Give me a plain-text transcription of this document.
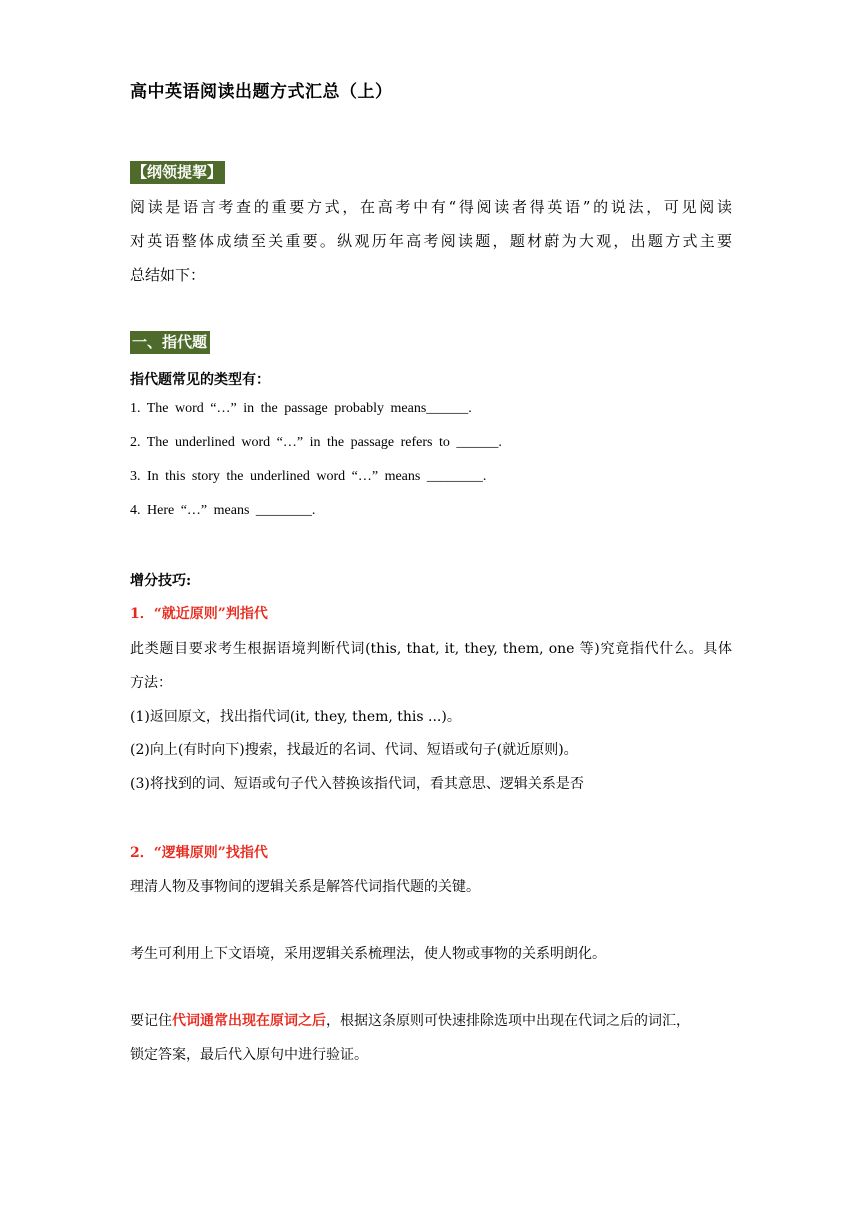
高中英语阅读出题方式汇总（上）
【纲领提挈】
阅读是语言考查的重要方式，在高考中有“得阅读者得英语”的说法，可见阅读
对英语整体成绩至关重要。纵观历年高考阅读题，题材蔚为大观，出题方式主要
总结如下：
一、指代题
指代题常见的类型有：
1. The word “…” in the passage probably means______.
2. The underlined word “…” in the passage refers to ______.
3. In this story the underlined word “…” means ________.
4. Here “…” means ________.
增分技巧:
1．“就近原则”判指代
此类题目要求考生根据语境判断代词(this, that, it, they, them, one 等)究竟指代什么。具体
方法：
(1)返回原文，找出指代词(it, they, them, this ...)。
(2)向上(有时向下)搜索，找最近的名词、代词、短语或句子(就近原则)。
(3)将找到的词、短语或句子代入替换该指代词，看其意思、逻辑关系是否
2．“逻辑原则”找指代
理清人物及事物间的逻辑关系是解答代词指代题的关键。
考生可利用上下文语境，采用逻辑关系梳理法，使人物或事物的关系明朗化。
要记住代词通常出现在原词之后，根据这条原则可快速排除选项中出现在代词之后的词汇，
锁定答案，最后代入原句中进行验证。
